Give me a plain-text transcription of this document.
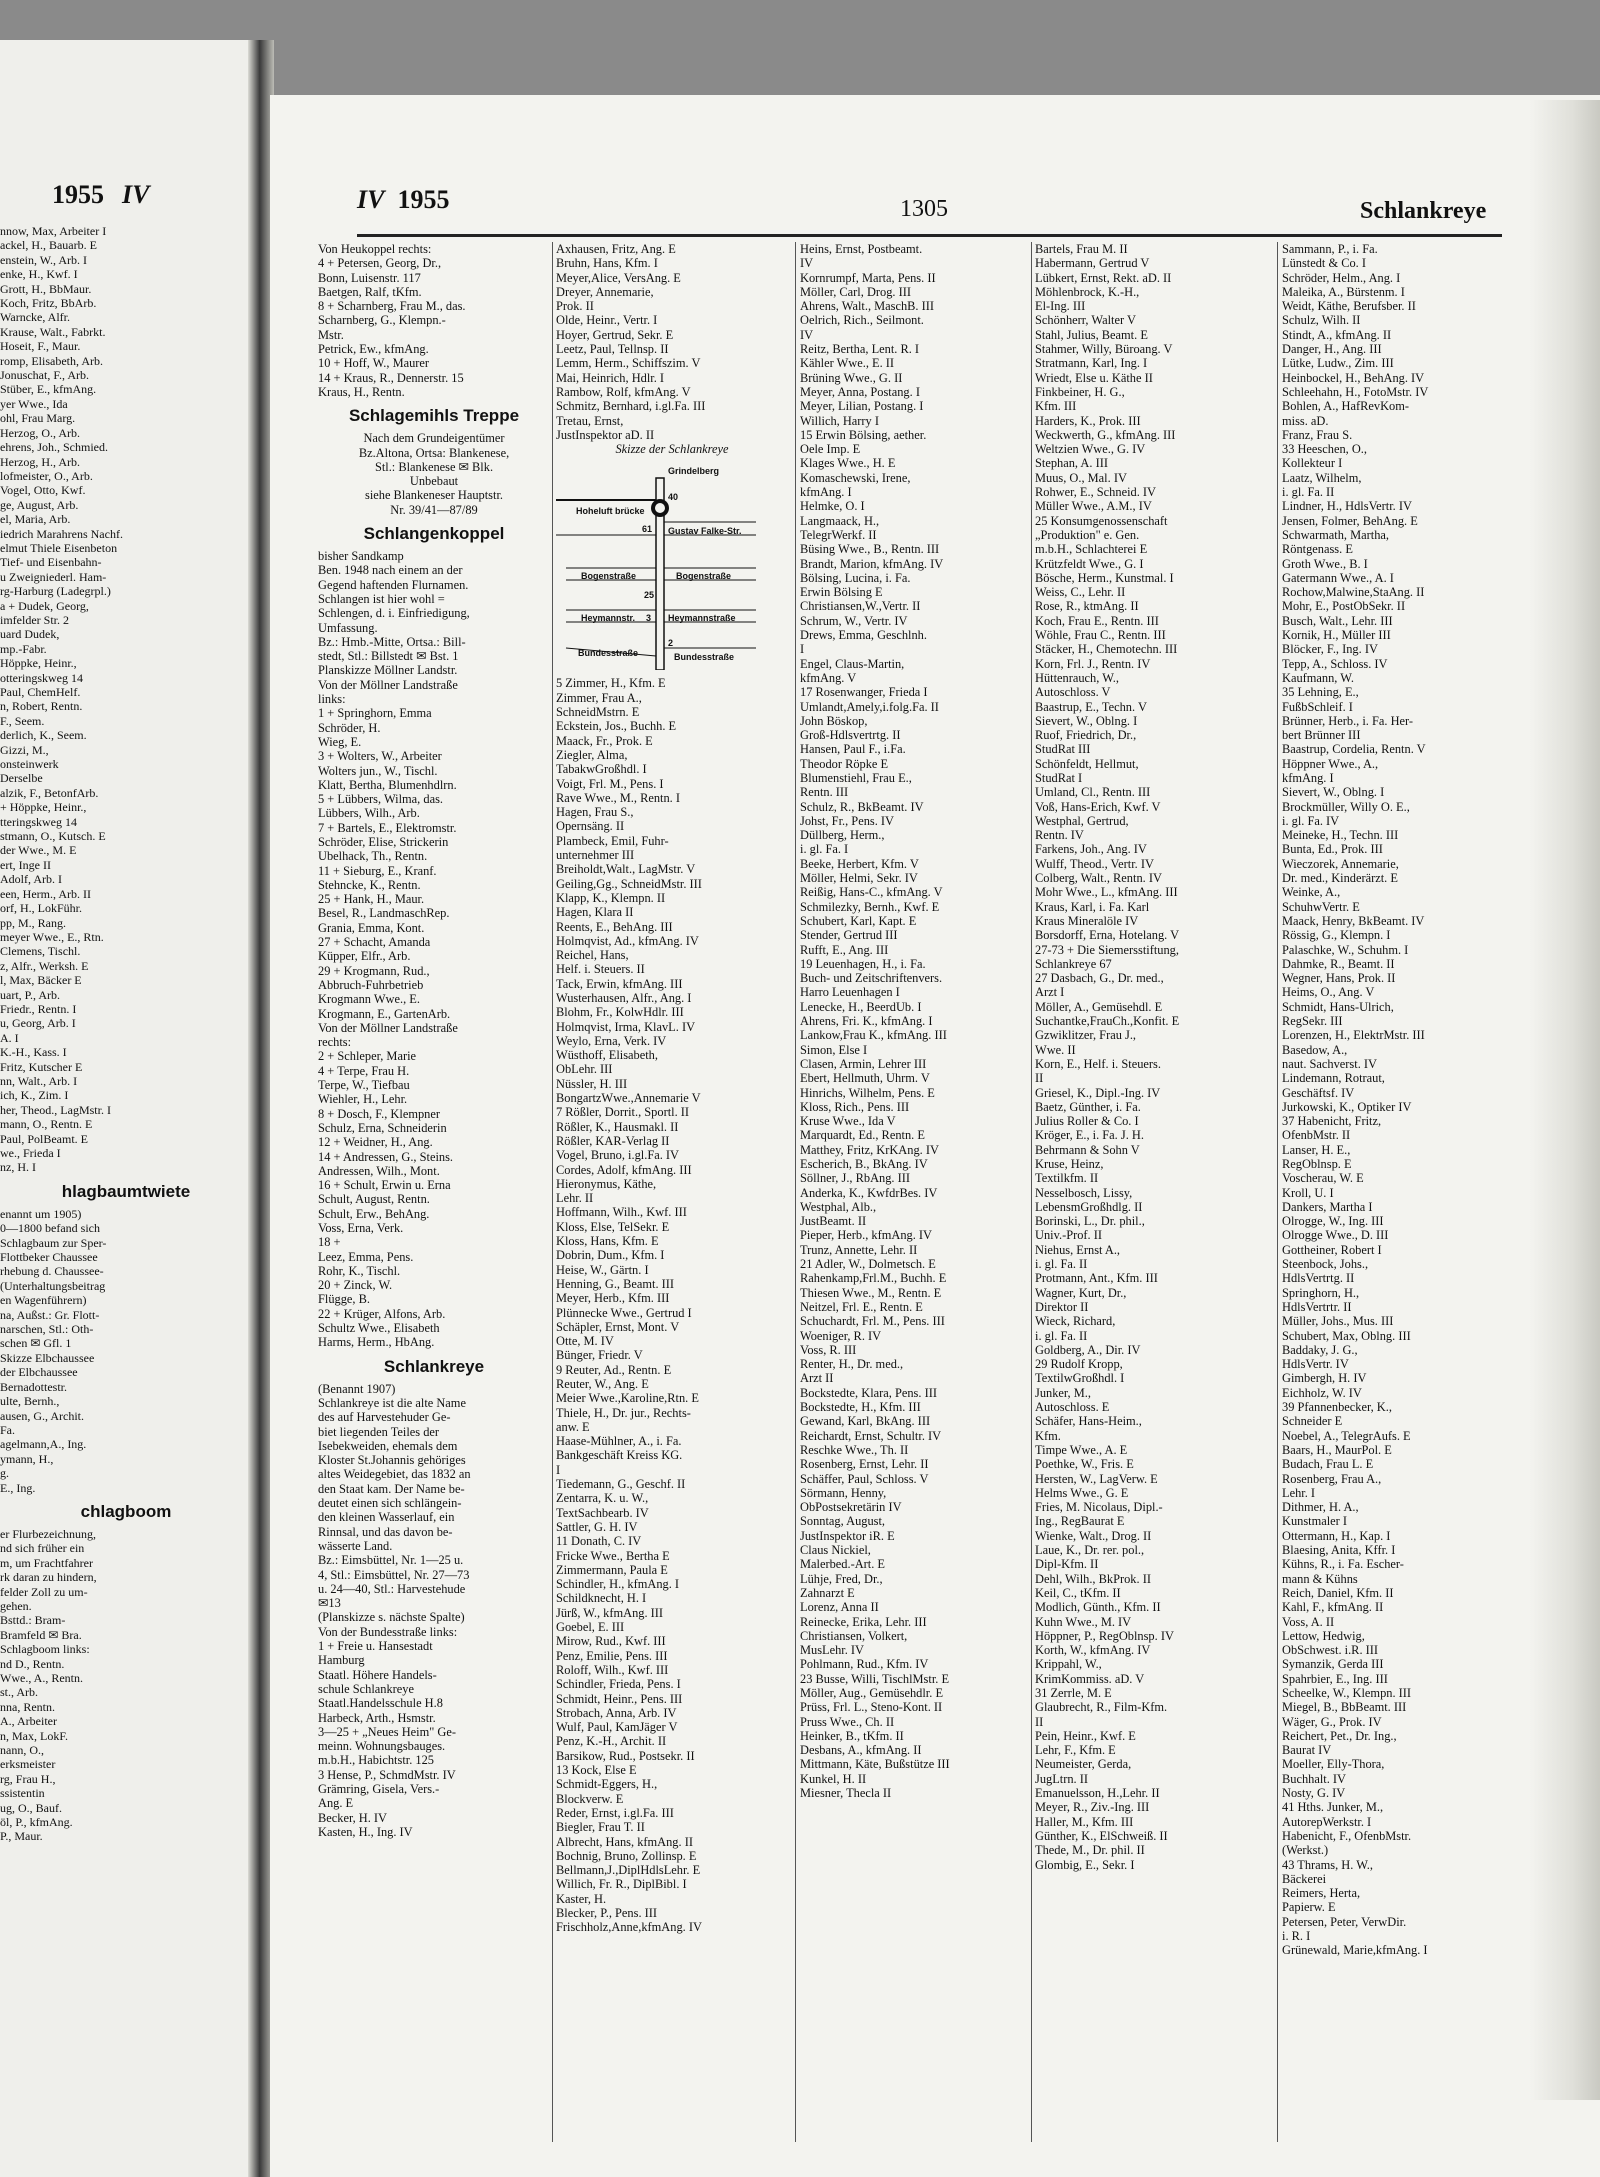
1955 IV
nnow, Max, Arbeiter I
ackel, H., Bauarb. E
enstein, W., Arb. I
enke, H., Kwf. I
Grott, H., BbMaur.
Koch, Fritz, BbArb.
Warncke, Alfr.
Krause, Walt., Fabrkt.
Hoseit, F., Maur.
romp, Elisabeth, Arb.
Jonuschat, F., Arb.
Stüber, E., kfmAng.
yer Wwe., Ida
ohl, Frau Marg.
Herzog, O., Arb.
ehrens, Joh., Schmied.
Herzog, H., Arb.
lofmeister, O., Arb.
Vogel, Otto, Kwf.
ge, August, Arb.
el, Maria, Arb.
iedrich Marahrens Nachf.
elmut Thiele Eisenbeton
Tief- und Eisenbahn-
u Zweigniederl. Ham-
rg-Harburg (Ladegrpl.)
a + Dudek, Georg,
imfelder Str. 2
uard Dudek,
mp.-Fabr.
Höppke, Heinr.,
otteringskweg 14
Paul, ChemHelf.
n, Robert, Rentn.
F., Seem.
derlich, K., Seem.
Gizzi, M.,
onsteinwerk
Derselbe
alzik, F., BetonfArb.
+ Höppke, Heinr.,
tteringskweg 14
stmann, O., Kutsch. E
der Wwe., M. E
ert, Inge II
Adolf, Arb. I
een, Herm., Arb. II
orf, H., LokFühr.
pp, M., Rang.
meyer Wwe., E., Rtn.
Clemens, Tischl.
z, Alfr., Werksh. E
l, Max, Bäcker E
uart, P., Arb.
Friedr., Rentn. I
u, Georg, Arb. I
A. I
K.-H., Kass. I
Fritz, Kutscher E
nn, Walt., Arb. I
ich, K., Zim. I
her, Theod., LagMstr. I
mann, O., Rentn. E
Paul, PolBeamt. E
we., Frieda I
nz, H. I
hlagbaumtwiete
enannt um 1905)
0—1800 befand sich
Schlagbaum zur Sper-
Flottbeker Chaussee
rhebung d. Chaussee-
(Unterhaltungsbeitrag
en Wagenführern)
na, Außst.: Gr. Flott-
narschen, Stl.: Oth-
schen ✉ Gfl. 1
Skizze Elbchaussee
der Elbchaussee
Bernadottestr.
ulte, Bernh.,
ausen, G., Archit.
Fa.
agelmann,A., Ing.
ymann, H.,
g.
E., Ing.
chlagboom
er Flurbezeichnung,
nd sich früher ein
m, um Frachtfahrer
rk daran zu hindern,
felder Zoll zu um-
gehen.
Bsttd.: Bram-
Bramfeld ✉ Bra.
Schlagboom links:
nd D., Rentn.
Wwe., A., Rentn.
st., Arb.
nna, Rentn.
A., Arbeiter
n, Max, LokF.
nann, O.,
erksmeister
rg, Frau H.,
ssistentin
ug, O., Bauf.
öl, P., kfmAng.
P., Maur.
IV 1955	1305	Schlankreye
Von Heukoppel rechts:
4 + Petersen, Georg, Dr.,
Bonn, Luisenstr. 117
Baetgen, Ralf, tKfm.
8 + Scharnberg, Frau M., das.
Scharnberg, G., Klempn.-
Mstr.
Petrick, Ew., kfmAng.
10 + Hoff, W., Maurer
14 + Kraus, R., Dennerstr. 15
Kraus, H., Rentn.
Schlagemihls Treppe
Nach dem Grundeigentümer
Bz.Altona, Ortsa: Blankenese,
Stl.: Blankenese ✉ Blk.
Unbebaut
siehe Blankeneser Hauptstr.
Nr. 39/41—87/89
Schlangenkoppel
bisher Sandkamp
Ben. 1948 nach einem an der
Gegend haftenden Flurnamen.
Schlangen ist hier wohl =
Schlengen, d. i. Einfriedigung,
Umfassung.
Bz.: Hmb.-Mitte, Ortsa.: Bill-
stedt, Stl.: Billstedt ✉ Bst. 1
Planskizze Möllner Landstr.
Von der Möllner Landstraße
links:
1 + Springhorn, Emma
Schröder, H.
Wieg, E.
3 + Wolters, W., Arbeiter
Wolters jun., W., Tischl.
Klatt, Bertha, Blumenhdlrn.
5 + Lübbers, Wilma, das.
Lübbers, Wilh., Arb.
7 + Bartels, E., Elektromstr.
Schröder, Elise, Strickerin
Ubelhack, Th., Rentn.
11 + Sieburg, E., Kranf.
Stehncke, K., Rentn.
25 + Hank, H., Maur.
Besel, R., LandmaschRep.
Grania, Emma, Kont.
27 + Schacht, Amanda
Küpper, Elfr., Arb.
29 + Krogmann, Rud.,
Abbruch-Fuhrbetrieb
Krogmann Wwe., E.
Krogmann, E., GartenArb.
Von der Möllner Landstraße
rechts:
2 + Schleper, Marie
4 + Terpe, Frau H.
Terpe, W., Tiefbau
Wiehler, H., Lehr.
8 + Dosch, F., Klempner
Schulz, Erna, Schneiderin
12 + Weidner, H., Ang.
14 + Andressen, G., Steins.
Andressen, Wilh., Mont.
16 + Schult, Erwin u. Erna
Schult, August, Rentn.
Schult, Erw., BehAng.
Voss, Erna, Verk.
18 +
Leez, Emma, Pens.
Rohr, K., Tischl.
20 + Zinck, W.
Flügge, B.
22 + Krüger, Alfons, Arb.
Schultz Wwe., Elisabeth
Harms, Herm., HbAng.
Schlankreye
(Benannt 1907)
Schlankreye ist die alte Name
des auf Harvestehuder Ge-
biet liegenden Teiles der
Isebekweiden, ehemals dem
Kloster St.Johannis gehöriges
altes Weidegebiet, das 1832 an
den Staat kam. Der Name be-
deutet einen sich schlängein-
den kleinen Wasserlauf, ein
Rinnsal, und das davon be-
wässerte Land.
Bz.: Eimsbüttel, Nr. 1—25 u.
4, Stl.: Eimsbüttel, Nr. 27—73
u. 24—40, Stl.: Harvestehude
✉13
(Planskizze s. nächste Spalte)
Von der Bundesstraße links:
1 + Freie u. Hansestadt
Hamburg
Staatl. Höhere Handels-
schule Schlankreye
Staatl.Handelsschule H.8
Harbeck, Arth., Hsmstr.
3—25 + „Neues Heim" Ge-
meinn. Wohnungsbauges.
m.b.H., Habichtstr. 125
3 Hense, P., SchmdMstr. IV
Grämring, Gisela, Vers.-
Ang. E
Becker, H. IV
Kasten, H., Ing. IV
Axhausen, Fritz, Ang. E
Bruhn, Hans, Kfm. I
Meyer,Alice, VersAng. E
Dreyer, Annemarie,
Prok. II
Olde, Heinr., Vertr. I
Hoyer, Gertrud, Sekr. E
Leetz, Paul, Tellnsp. II
Lemm, Herm., Schiffszim. V
Mai, Heinrich, Hdlr. I
Rambow, Rolf, kfmAng. V
Schmitz, Bernhard, i.gl.Fa. III
Tretau, Ernst,
JustInspektor aD. II
Skizze der Schlankreye
Grindelberg
Hoheluft brücke
40
61 Gustav Falke-Str.
Bogenstraße	Bogenstraße
25
Heymannstr. 3 Heymannstraße
2
Bundesstraße	Bundesstraße
5 Zimmer, H., Kfm. E
Zimmer, Frau A.,
SchneidMstrn. E
Eckstein, Jos., Buchh. E
Maack, Fr., Prok. E
Ziegler, Alma,
TabakwGroßhdl. I
Voigt, Frl. M., Pens. I
Rave Wwe., M., Rentn. I
Hagen, Frau S.,
Opernsäng. II
Plambeck, Emil, Fuhr-
unternehmer III
Breiholdt,Walt., LagMstr. V
Geiling,Gg., SchneidMstr. III
Klapp, K., Klempn. II
Hagen, Klara II
Reents, E., BehAng. III
Holmqvist, Ad., kfmAng. IV
Reichel, Hans,
Helf. i. Steuers. II
Tack, Erwin, kfmAng. III
Wusterhausen, Alfr., Ang. I
Blohm, Fr., KolwHdlr. III
Holmqvist, Irma, KlavL. IV
Weylo, Erna, Verk. IV
Wüsthoff, Elisabeth,
ObLehr. III
Nüssler, H. III
BongartzWwe.,Annemarie V
7 Rößler, Dorrit., Sportl. II
Rößler, K., Hausmakl. II
Rößler, KAR-Verlag II
Vogel, Bruno, i.gl.Fa. IV
Cordes, Adolf, kfmAng. III
Hieronymus, Käthe,
Lehr. II
Hoffmann, Wilh., Kwf. III
Kloss, Else, TelSekr. E
Kloss, Hans, Kfm. E
Dobrin, Dum., Kfm. I
Heise, W., Gärtn. I
Henning, G., Beamt. III
Meyer, Herb., Kfm. III
Plünnecke Wwe., Gertrud I
Schäpler, Ernst, Mont. V
Otte, M. IV
Bünger, Friedr. V
9 Reuter, Ad., Rentn. E
Reuter, W., Ang. E
Meier Wwe.,Karoline,Rtn. E
Thiele, H., Dr. jur., Rechts-
anw. E
Haase-Mühlner, A., i. Fa.
Bankgeschäft Kreiss KG.
I
Tiedemann, G., Geschf. II
Zentarra, K. u. W.,
TextSachbearb. IV
Sattler, G. H. IV
11 Donath, C. IV
Fricke Wwe., Bertha E
Zimmermann, Paula E
Schindler, H., kfmAng. I
Schildknecht, H. I
Jürß, W., kfmAng. III
Goebel, E. III
Mirow, Rud., Kwf. III
Penz, Emilie, Pens. III
Roloff, Wilh., Kwf. III
Schindler, Frieda, Pens. I
Schmidt, Heinr., Pens. III
Strobach, Anna, Arb. IV
Wulf, Paul, KamJäger V
Penz, K.-H., Archit. II
Barsikow, Rud., Postsekr. II
13 Kock, Else E
Schmidt-Eggers, H.,
Blockverw. E
Reder, Ernst, i.gl.Fa. III
Biegler, Frau T. II
Albrecht, Hans, kfmAng. II
Bochnig, Bruno, Zollinsp. E
Bellmann,J.,DiplHdlsLehr. E
Willich, Fr. R., DiplBibl. I
Kaster, H.
Blecker, P., Pens. III
Frischholz,Anne,kfmAng. IV
Heins, Ernst, Postbeamt.
IV
Kornrumpf, Marta, Pens. II
Möller, Carl, Drog. III
Ahrens, Walt., MaschB. III
Oelrich, Rich., Seilmont.
IV
Reitz, Bertha, Lent. R. I
Kähler Wwe., E. II
Brüning Wwe., G. II
Meyer, Anna, Postang. I
Meyer, Lilian, Postang. I
Willich, Harry I
15 Erwin Bölsing, aether.
Oele Imp. E
Klages Wwe., H. E
Komaschewski, Irene,
kfmAng. I
Helmke, O. I
Langmaack, H.,
TelegrWerkf. II
Büsing Wwe., B., Rentn. III
Brandt, Marion, kfmAng. IV
Bölsing, Lucina, i. Fa.
Erwin Bölsing E
Christiansen,W.,Vertr. II
Schrum, W., Vertr. IV
Drews, Emma, Geschlnh.
I
Engel, Claus-Martin,
kfmAng. V
17 Rosenwanger, Frieda I
Umlandt,Amely,i.folg.Fa. II
John Böskop,
Groß-Hdlsvertrtg. II
Hansen, Paul F., i.Fa.
Theodor Röpke E
Blumenstiehl, Frau E.,
Rentn. III
Schulz, R., BkBeamt. IV
Johst, Fr., Pens. IV
Düllberg, Herm.,
i. gl. Fa. I
Beeke, Herbert, Kfm. V
Möller, Helmi, Sekr. IV
Reißig, Hans-C., kfmAng. V
Schmilezky, Bernh., Kwf. E
Schubert, Karl, Kapt. E
Stender, Gertrud III
Rufft, E., Ang. III
19 Leuenhagen, H., i. Fa.
Buch- und Zeitschriftenvers.
Harro Leuenhagen I
Lenecke, H., BeerdUb. I
Ahrens, Fri. K., kfmAng. I
Lankow,Frau K., kfmAng. III
Simon, Else I
Clasen, Armin, Lehrer III
Ebert, Hellmuth, Uhrm. V
Hinrichs, Wilhelm, Pens. E
Kloss, Rich., Pens. III
Kruse Wwe., Ida V
Marquardt, Ed., Rentn. E
Matthey, Fritz, KrKAng. IV
Escherich, B., BkAng. IV
Söllner, J., RbAng. III
Anderka, K., KwfdrBes. IV
Westphal, Alb.,
JustBeamt. II
Pieper, Herb., kfmAng. IV
Trunz, Annette, Lehr. II
21 Adler, W., Dolmetsch. E
Rahenkamp,Frl.M., Buchh. E
Thiesen Wwe., M., Rentn. E
Neitzel, Frl. E., Rentn. E
Schuchardt, Frl. M., Pens. III
Woeniger, R. IV
Voss, R. III
Renter, H., Dr. med.,
Arzt II
Bockstedte, Klara, Pens. III
Bockstedte, H., Kfm. III
Gewand, Karl, BkAng. III
Reichardt, Ernst, Schultr. IV
Reschke Wwe., Th. II
Rosenberg, Ernst, Lehr. II
Schäffer, Paul, Schloss. V
Sörmann, Henny,
ObPostsekretärin IV
Sonntag, August,
JustInspektor iR. E
Claus Nickiel,
Malerbed.-Art. E
Lühje, Fred, Dr.,
Zahnarzt E
Lorenz, Anna II
Reinecke, Erika, Lehr. III
Christiansen, Volkert,
MusLehr. IV
Pohlmann, Rud., Kfm. IV
23 Busse, Willi, TischlMstr. E
Möller, Aug., Gemüsehdlr. E
Prüss, Frl. L., Steno-Kont. II
Pruss Wwe., Ch. II
Heinker, B., tKfm. II
Desbans, A., kfmAng. II
Mittmann, Käte, Bußstütze III
Kunkel, H. II
Miesner, Thecla II
Bartels, Frau M. II
Habermann, Gertrud V
Lübkert, Ernst, Rekt. aD. II
Möhlenbrock, K.-H.,
El-Ing. III
Schönherr, Walter V
Stahl, Julius, Beamt. E
Stahmer, Willy, Büroang. V
Stratmann, Karl, Ing. I
Wriedt, Else u. Käthe II
Finkbeiner, H. G.,
Kfm. III
Harders, K., Prok. III
Weckwerth, G., kfmAng. III
Weltzien Wwe., G. IV
Stephan, A. III
Muus, O., Mal. IV
Rohwer, E., Schneid. IV
Müller Wwe., A.M., IV
25 Konsumgenossenschaft
„Produktion" e. Gen.
m.b.H., Schlachterei E
Krützfeldt Wwe., G. I
Bösche, Herm., Kunstmal. I
Weiss, C., Lehr. II
Rose, R., ktmAng. II
Koch, Frau E., Rentn. III
Wöhle, Frau C., Rentn. III
Stäcker, H., Chemotechn. III
Korn, Frl. J., Rentn. IV
Hüttenrauch, W.,
Autoschloss. V
Baastrup, E., Techn. V
Sievert, W., Oblng. I
Ruof, Friedrich, Dr.,
StudRat III
Schönfeldt, Hellmut,
StudRat I
Umland, Cl., Rentn. III
Voß, Hans-Erich, Kwf. V
Westphal, Gertrud,
Rentn. IV
Farkens, Joh., Ang. IV
Wulff, Theod., Vertr. IV
Colberg, Walt., Rentn. IV
Mohr Wwe., L., kfmAng. III
Kraus, Karl, i. Fa. Karl
Kraus Mineralöle IV
Borsdorff, Erna, Hotelang. V
27-73 + Die Siemersstiftung,
Schlankreye 67
27 Dasbach, G., Dr. med.,
Arzt I
Möller, A., Gemüsehdl. E
Suchantke,FrauCh.,Konfit. E
Gzwiklitzer, Frau J.,
Wwe. II
Korn, E., Helf. i. Steuers.
II
Griesel, K., Dipl.-Ing. IV
Baetz, Günther, i. Fa.
Julius Roller & Co. I
Kröger, E., i. Fa. J. H.
Behrmann & Sohn V
Kruse, Heinz,
Textilkfm. II
Nesselbosch, Lissy,
LebensmGroßhdlg. II
Borinski, L., Dr. phil.,
Univ.-Prof. II
Niehus, Ernst A.,
i. gl. Fa. II
Protmann, Ant., Kfm. III
Wagner, Kurt, Dr.,
Direktor II
Wieck, Richard,
i. gl. Fa. II
Goldberg, A., Dir. IV
29 Rudolf Kropp,
TextilwGroßhdl. I
Junker, M.,
Autoschloss. E
Schäfer, Hans-Heim.,
Kfm.
Timpe Wwe., A. E
Poethke, W., Fris. E
Hersten, W., LagVerw. E
Helms Wwe., G. E
Fries, M. Nicolaus, Dipl.-
Ing., RegBaurat E
Wienke, Walt., Drog. II
Laue, K., Dr. rer. pol.,
Dipl-Kfm. II
Dehl, Wilh., BkProk. II
Keil, C., tKfm. II
Modlich, Günth., Kfm. II
Kuhn Wwe., M. IV
Höppner, P., RegOblnsp. IV
Korth, W., kfmAng. IV
Krippahl, W.,
KrimKommiss. aD. V
31 Zerrle, M. E
Glaubrecht, R., Film-Kfm.
II
Pein, Heinr., Kwf. E
Lehr, F., Kfm. E
Neumeister, Gerda,
JugLtrn. II
Emanuelsson, H.,Lehr. II
Meyer, R., Ziv.-Ing. III
Haller, M., Kfm. III
Günther, K., ElSchweiß. II
Thede, M., Dr. phil. II
Glombig, E., Sekr. I
Sammann, P., i. Fa.
Lünstedt & Co. I
Schröder, Helm., Ang. I
Maleika, A., Bürstenm. I
Weidt, Käthe, Berufsber. II
Schulz, Wilh. II
Stindt, A., kfmAng. II
Danger, H., Ang. III
Lütke, Ludw., Zim. III
Heinbockel, H., BehAng. IV
Schleehahn, H., FotoMstr. IV
Bohlen, A., HafRevKom-
miss. aD.
Franz, Frau S.
33 Heeschen, O.,
Kollekteur I
Laatz, Wilhelm,
i. gl. Fa. II
Lindner, H., HdlsVertr. IV
Jensen, Folmer, BehAng. E
Schwarmath, Martha,
Röntgenass. E
Groth Wwe., B. I
Gatermann Wwe., A. I
Rochow,Malwine,StaAng. II
Mohr, E., PostObSekr. II
Busch, Walt., Lehr. III
Kornik, H., Müller III
Blöcker, F., Ing. IV
Tepp, A., Schloss. IV
Kaufmann, W.
35 Lehning, E.,
FußbSchleif. I
Brünner, Herb., i. Fa. Her-
bert Brünner III
Baastrup, Cordelia, Rentn. V
Höppner Wwe., A.,
kfmAng. I
Sievert, W., Oblng. I
Brockmüller, Willy O. E.,
i. gl. Fa. IV
Meineke, H., Techn. III
Bunta, Ed., Prok. III
Wieczorek, Annemarie,
Dr. med., Kinderärzt. E
Weinke, A.,
SchuhwVertr. E
Maack, Henry, BkBeamt. IV
Rössig, G., Klempn. I
Palaschke, W., Schuhm. I
Dahmke, R., Beamt. II
Wegner, Hans, Prok. II
Heims, O., Ang. V
Schmidt, Hans-Ulrich,
RegSekr. III
Lorenzen, H., ElektrMstr. III
Basedow, A.,
naut. Sachverst. IV
Lindemann, Rotraut,
Geschäftsf. IV
Jurkowski, K., Optiker IV
37 Habenicht, Fritz,
OfenbMstr. II
Lanser, H. E.,
RegOblnsp. E
Voscherau, W. E
Kroll, U. I
Dankers, Martha I
Olrogge, W., Ing. III
Olrogge Wwe., D. III
Gottheiner, Robert I
Steenbock, Johs.,
HdlsVertrtg. II
Springhorn, H.,
HdlsVertrtr. II
Müller, Johs., Mus. III
Schubert, Max, Oblng. III
Baddaky, J. G.,
HdlsVertr. IV
Gimbergh, H. IV
Eichholz, W. IV
39 Pfannenbecker, K.,
Schneider E
Noebel, A., TelegrAufs. E
Baars, H., MaurPol. E
Budach, Frau L. E
Rosenberg, Frau A.,
Lehr. I
Dithmer, H. A.,
Kunstmaler I
Ottermann, H., Kap. I
Blaesing, Anita, Kffr. I
Kühns, R., i. Fa. Escher-
mann & Kühns
Reich, Daniel, Kfm. II
Kahl, F., kfmAng. II
Voss, A. II
Lettow, Hedwig,
ObSchwest. i.R. III
Symanzik, Gerda III
Spahrbier, E., Ing. III
Scheelke, W., Klempn. III
Miegel, B., BbBeamt. III
Wäger, G., Prok. IV
Reichert, Pet., Dr. Ing.,
Baurat IV
Moeller, Elly-Thora,
Buchhalt. IV
Nosty, G. IV
41 Hths. Junker, M.,
AutorepWerkstr. I
Habenicht, F., OfenbMstr.
(Werkst.)
43 Thrams, H. W.,
Bäckerei
Reimers, Herta,
Papierw. E
Petersen, Peter, VerwDir.
i. R. I
Grünewald, Marie,kfmAng. I
